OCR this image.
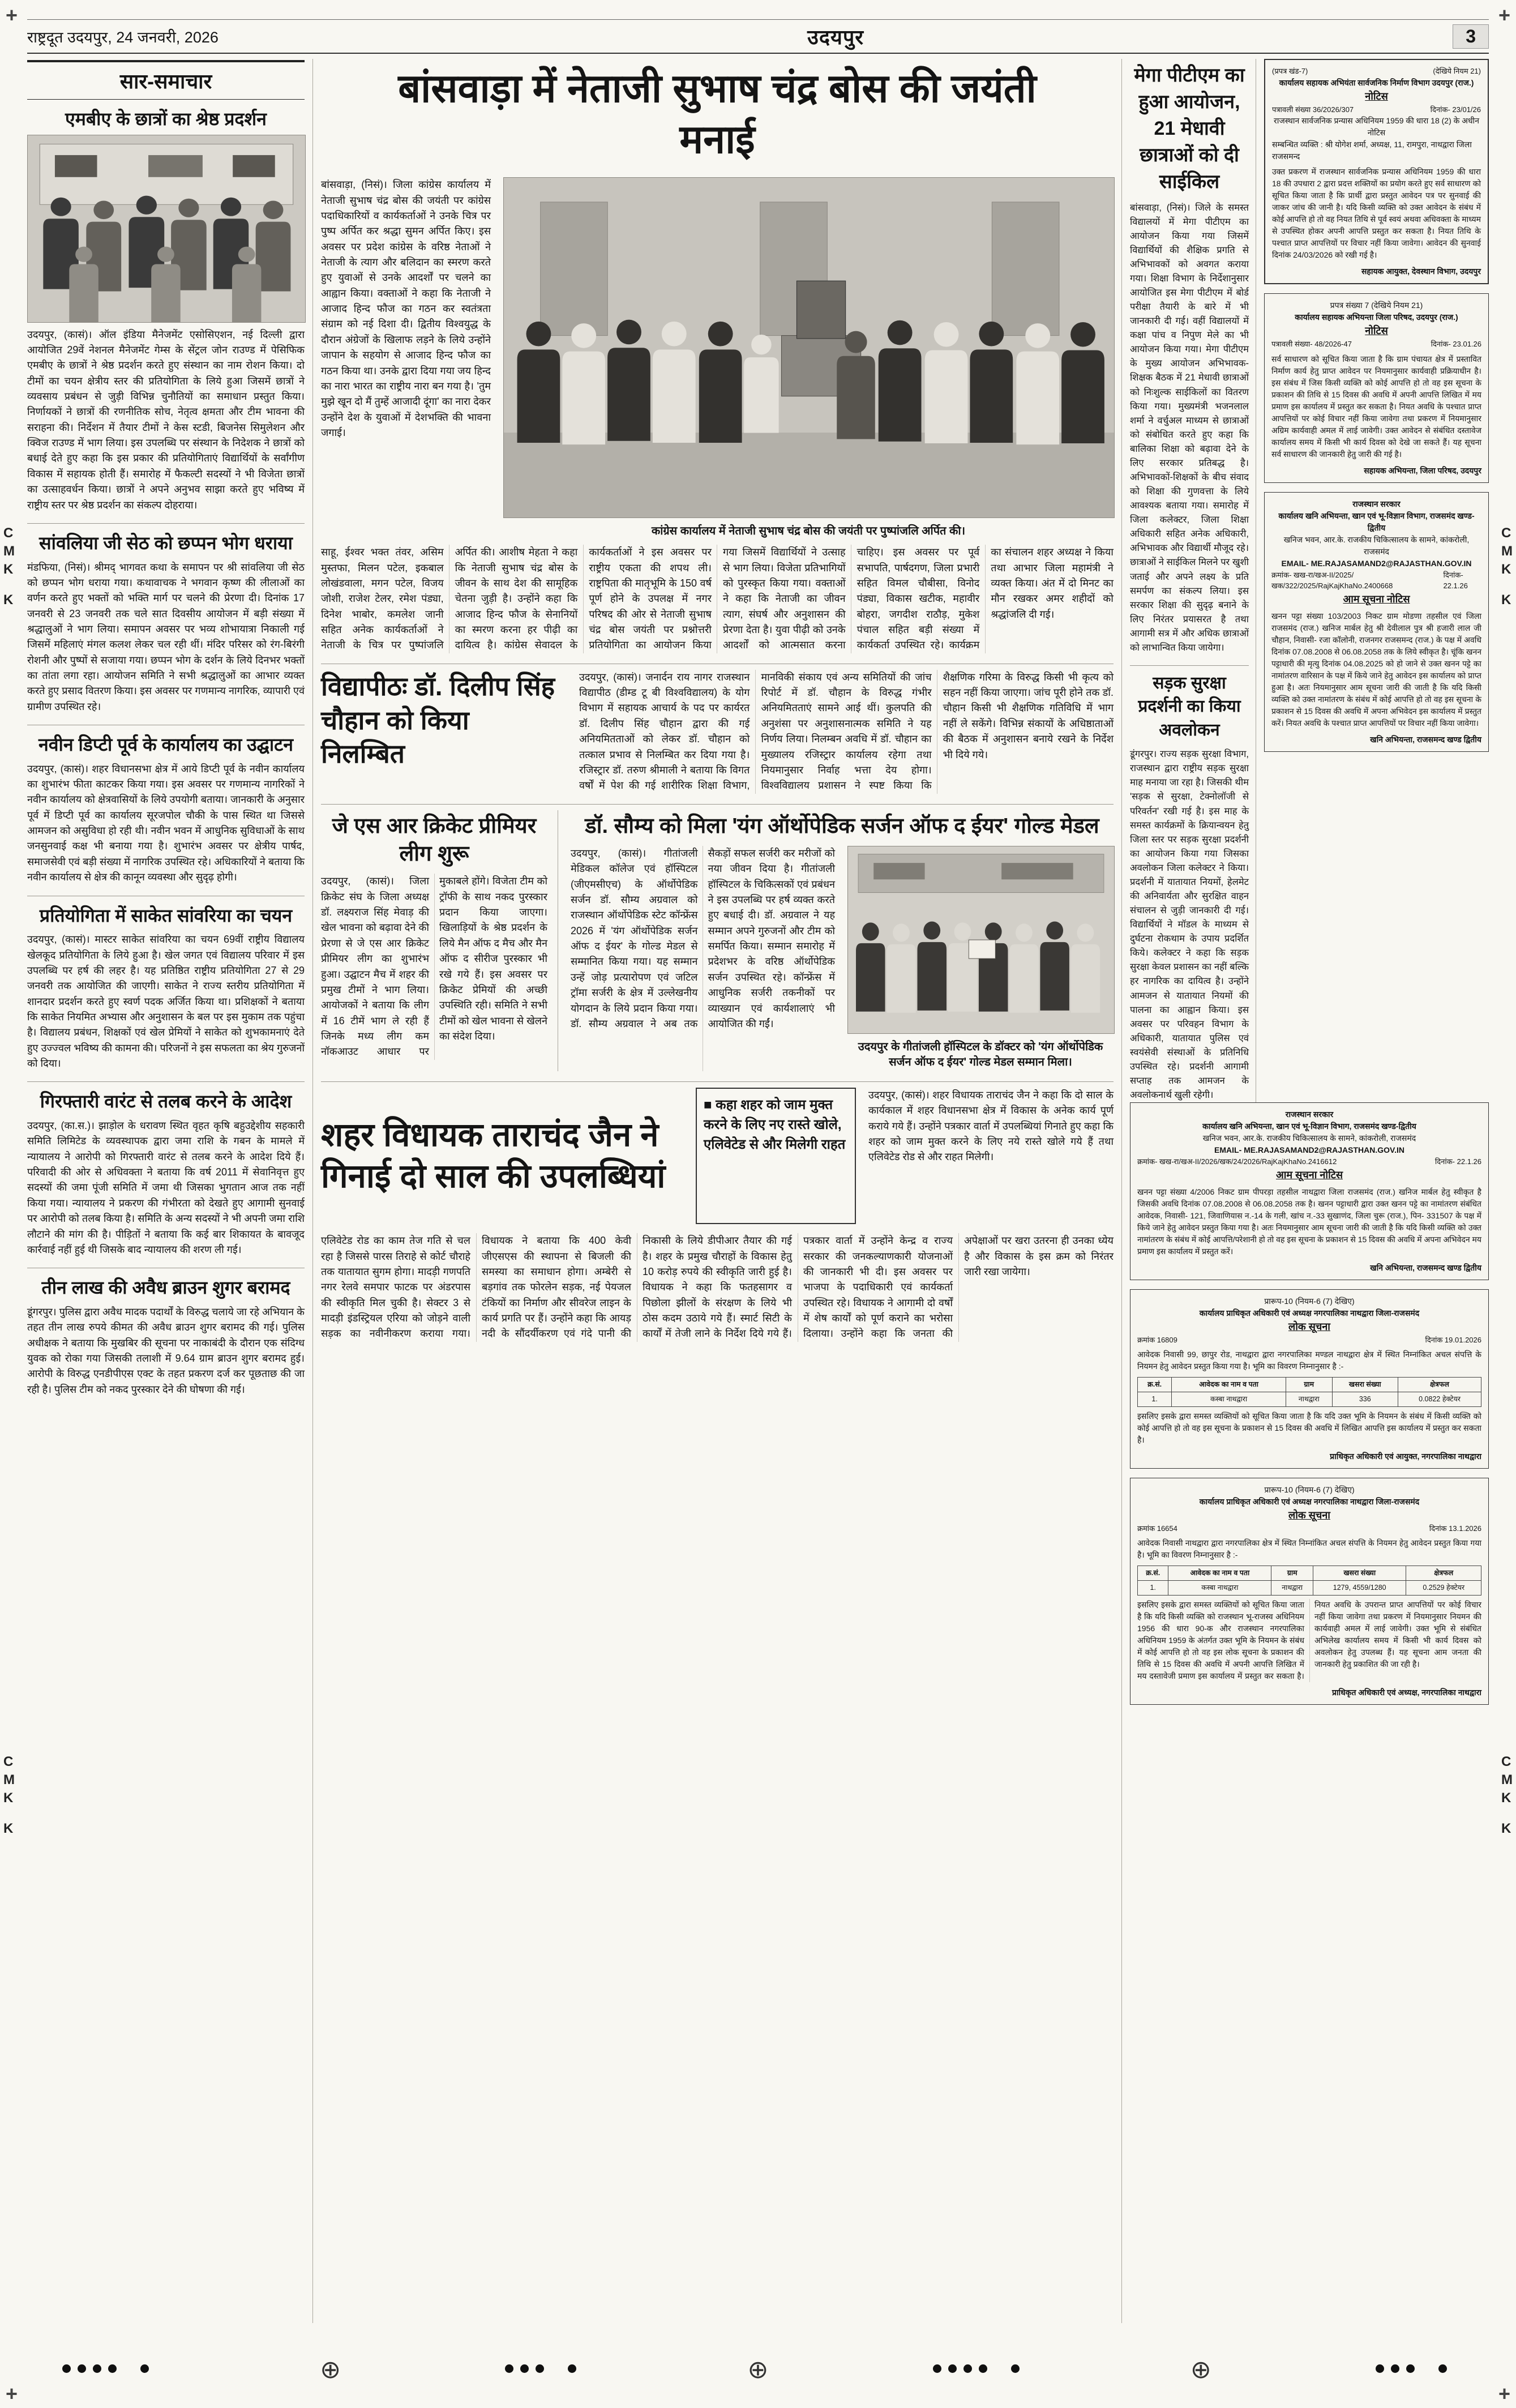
+	+
+	+
राष्ट्रदूत उदयपुर, 24 जनवरी, 2026	उदयपुर	3
सार-समाचार
एमबीए के छात्रों का श्रेष्ठ प्रदर्शन

उदयपुर, (कासं)। ऑल इंडिया मैनेजमेंट एसोसिएशन, नई दिल्ली द्वारा आयोजित 29वें नेशनल मैनेजमेंट गेम्स के सेंट्रल जोन राउण्ड में पेसिफिक एमबीए के छात्रों ने श्रेष्ठ प्रदर्शन करते हुए संस्थान का नाम रोशन किया। दो टीमों का चयन क्षेत्रीय स्तर की प्रतियोगिता के लिये हुआ जिसमें छात्रों ने व्यवसाय प्रबंधन से जुड़ी विभिन्न चुनौतियों का समाधान प्रस्तुत किया। निर्णायकों ने छात्रों की रणनीतिक सोच, नेतृत्व क्षमता और टीम भावना की सराहना की। निर्देशन में तैयार टीमों ने केस स्टडी, बिजनेस सिमुलेशन और क्विज राउण्ड में भाग लिया। इस उपलब्धि पर संस्थान के निदेशक ने छात्रों को बधाई देते हुए कहा कि इस प्रकार की प्रतियोगिताएं विद्यार्थियों के सर्वांगीण विकास में सहायक होती हैं। समारोह में फैकल्टी सदस्यों ने भी विजेता छात्रों का उत्साहवर्धन किया। छात्रों ने अपने अनुभव साझा करते हुए भविष्य में राष्ट्रीय स्तर पर श्रेष्ठ प्रदर्शन का संकल्प दोहराया।

सांवलिया जी सेठ को छप्पन भोग धराया

मंडफिया, (निसं)। श्रीमद् भागवत कथा के समापन पर श्री सांवलिया जी सेठ को छप्पन भोग धराया गया। कथावाचक ने भगवान कृष्ण की लीलाओं का वर्णन करते हुए भक्तों को भक्ति मार्ग पर चलने की प्रेरणा दी। दिनांक 17 जनवरी से 23 जनवरी तक चले सात दिवसीय आयोजन में बड़ी संख्या में श्रद्धालुओं ने भाग लिया। समापन अवसर पर भव्य शोभायात्रा निकाली गई जिसमें महिलाएं मंगल कलश लेकर चल रही थीं। मंदिर परिसर को रंग-बिरंगी रोशनी और पुष्पों से सजाया गया। छप्पन भोग के दर्शन के लिये दिनभर भक्तों का तांता लगा रहा। आयोजन समिति ने सभी श्रद्धालुओं का आभार व्यक्त करते हुए प्रसाद वितरण किया। इस अवसर पर गणमान्य नागरिक, व्यापारी एवं ग्रामीण उपस्थित रहे।

नवीन डिप्टी पूर्व के कार्यालय का उद्घाटन

उदयपुर, (कासं)। शहर विधानसभा क्षेत्र में आये डिप्टी पूर्व के नवीन कार्यालय का शुभारंभ फीता काटकर किया गया। इस अवसर पर गणमान्य नागरिकों ने नवीन कार्यालय को क्षेत्रवासियों के लिये उपयोगी बताया। जानकारी के अनुसार पूर्व में डिप्टी पूर्व का कार्यालय सूरजपोल चौकी के पास स्थित था जिससे आमजन को असुविधा हो रही थी। नवीन भवन में आधुनिक सुविधाओं के साथ जनसुनवाई कक्ष भी बनाया गया है। शुभारंभ अवसर पर क्षेत्रीय पार्षद, समाजसेवी एवं बड़ी संख्या में नागरिक उपस्थित रहे। अधिकारियों ने बताया कि नवीन कार्यालय से क्षेत्र की कानून व्यवस्था और सुदृढ़ होगी।

प्रतियोगिता में साकेत सांवरिया का चयन

उदयपुर, (कासं)। मास्टर साकेत सांवरिया का चयन 69वीं राष्ट्रीय विद्यालय खेलकूद प्रतियोगिता के लिये हुआ है। खेल जगत एवं विद्यालय परिवार में इस उपलब्धि पर हर्ष की लहर है। यह प्रतिष्ठित राष्ट्रीय प्रतियोगिता 27 से 29 जनवरी तक आयोजित की जाएगी। साकेत ने राज्य स्तरीय प्रतियोगिता में शानदार प्रदर्शन करते हुए स्वर्ण पदक अर्जित किया था। प्रशिक्षकों ने बताया कि साकेत नियमित अभ्यास और अनुशासन के बल पर इस मुकाम तक पहुंचा है। विद्यालय प्रबंधन, शिक्षकों एवं खेल प्रेमियों ने साकेत को शुभकामनाएं देते हुए उज्ज्वल भविष्य की कामना की। परिजनों ने इस सफलता का श्रेय गुरुजनों को दिया।

गिरफ्तारी वारंट से तलब करने के आदेश

उदयपुर, (का.स.)। झाड़ोल के धरावण स्थित वृहत कृषि बहुउद्देशीय सहकारी समिति लिमिटेड के व्यवस्थापक द्वारा जमा राशि के गबन के मामले में न्यायालय ने आरोपी को गिरफ्तारी वारंट से तलब करने के आदेश दिये हैं। परिवादी की ओर से अधिवक्ता ने बताया कि वर्ष 2011 में सेवानिवृत्त हुए सदस्यों की जमा पूंजी समिति में जमा थी जिसका भुगतान आज तक नहीं किया गया। न्यायालय ने प्रकरण की गंभीरता को देखते हुए आगामी सुनवाई पर आरोपी को तलब किया है। समिति के अन्य सदस्यों ने भी अपनी जमा राशि लौटाने की मांग की है। पीड़ितों ने बताया कि कई बार शिकायत के बावजूद कार्रवाई नहीं हुई थी जिसके बाद न्यायालय की शरण ली गई।

तीन लाख की अवैध ब्राउन शुगर बरामद

डूंगरपुर। पुलिस द्वारा अवैध मादक पदार्थों के विरुद्ध चलाये जा रहे अभियान के तहत तीन लाख रुपये कीमत की अवैध ब्राउन शुगर बरामद की गई। पुलिस अधीक्षक ने बताया कि मुखबिर की सूचना पर नाकाबंदी के दौरान एक संदिग्ध युवक को रोका गया जिसकी तलाशी में 9.64 ग्राम ब्राउन शुगर बरामद हुई। आरोपी के विरुद्ध एनडीपीएस एक्ट के तहत प्रकरण दर्ज कर पूछताछ की जा रही है। पुलिस टीम को नकद पुरस्कार देने की घोषणा की गई।

बांसवाड़ा में नेताजी सुभाष चंद्र बोस की जयंती मनाई

बांसवाड़ा, (निसं)। जिला कांग्रेस कार्यालय में नेताजी सुभाष चंद्र बोस की जयंती पर कांग्रेस पदाधिकारियों व कार्यकर्ताओं ने उनके चित्र पर पुष्प अर्पित कर श्रद्धा सुमन अर्पित किए। इस अवसर पर प्रदेश कांग्रेस के वरिष्ठ नेताओं ने नेताजी के त्याग और बलिदान का स्मरण करते हुए युवाओं से उनके आदर्शों पर चलने का आह्वान किया। वक्ताओं ने कहा कि नेताजी ने आजाद हिन्द फौज का गठन कर स्वतंत्रता संग्राम को नई दिशा दी। द्वितीय विश्वयुद्ध के दौरान अंग्रेजों के खिलाफ लड़ने के लिये उन्होंने जापान के सहयोग से आजाद हिन्द फौज का गठन किया था। उनके द्वारा दिया गया जय हिन्द का नारा भारत का राष्ट्रीय नारा बन गया है। 'तुम मुझे खून दो मैं तुम्हें आजादी दूंगा' का नारा देकर उन्होंने देश के युवाओं में देशभक्ति की भावना जगाई।

कांग्रेस कार्यालय में नेताजी सुभाष चंद्र बोस की जयंती पर पुष्पांजलि अर्पित की।

साहू, ईश्वर भक्त तंवर, असिम मुस्तफा, मिलन पटेल, इकबाल लोखंडवाला, मगन पटेल, विजय जोशी, राजेश टेलर, रमेश पंड्या, दिनेश भाबोर, कमलेश जानी सहित अनेक कार्यकर्ताओं ने नेताजी के चित्र पर पुष्पांजलि अर्पित की। आशीष मेहता ने कहा कि नेताजी सुभाष चंद्र बोस के जीवन के साथ देश की सामूहिक चेतना जुड़ी है। उन्होंने कहा कि आजाद हिन्द फौज के सेनानियों का स्मरण करना हर पीढ़ी का दायित्व है। कांग्रेस सेवादल के कार्यकर्ताओं ने इस अवसर पर राष्ट्रीय एकता की शपथ ली। राष्ट्रपिता की मातृभूमि के 150 वर्ष पूर्ण होने के उपलक्ष में नगर परिषद की ओर से नेताजी सुभाष चंद्र बोस जयंती पर प्रश्नोत्तरी प्रतियोगिता का आयोजन किया गया जिसमें विद्यार्थियों ने उत्साह से भाग लिया। विजेता प्रतिभागियों को पुरस्कृत किया गया। वक्ताओं ने कहा कि नेताजी का जीवन त्याग, संघर्ष और अनुशासन की प्रेरणा देता है। युवा पीढ़ी को उनके आदर्शों को आत्मसात करना चाहिए। इस अवसर पर पूर्व सभापति, पार्षदगण, जिला प्रभारी सहित विमल चौबीसा, विनोद पंड्या, विकास खटीक, महावीर बोहरा, जगदीश राठौड़, मुकेश पंचाल सहित बड़ी संख्या में कार्यकर्ता उपस्थित रहे। कार्यक्रम का संचालन शहर अध्यक्ष ने किया तथा आभार जिला महामंत्री ने व्यक्त किया। अंत में दो मिनट का मौन रखकर अमर शहीदों को श्रद्धांजलि दी गई।

विद्यापीठः डॉ. दिलीप सिंह चौहान को किया निलम्बित

उदयपुर, (कासं)। जनार्दन राय नागर राजस्थान विद्यापीठ (डीम्ड टू बी विश्वविद्यालय) के योग विभाग में सहायक आचार्य के पद पर कार्यरत डॉ. दिलीप सिंह चौहान द्वारा की गई अनियमितताओं को लेकर डॉ. चौहान को तत्काल प्रभाव से निलम्बित कर दिया गया है। रजिस्ट्रार डॉ. तरुण श्रीमाली ने बताया कि विगत वर्षों में पेश की गई शारीरिक शिक्षा विभाग, मानविकी संकाय एवं अन्य समितियों की जांच रिपोर्ट में डॉ. चौहान के विरुद्ध गंभीर अनियमितताएं सामने आई थीं। कुलपति की अनुशंसा पर अनुशासनात्मक समिति ने यह निर्णय लिया। निलम्बन अवधि में डॉ. चौहान का मुख्यालय रजिस्ट्रार कार्यालय रहेगा तथा नियमानुसार निर्वाह भत्ता देय होगा। विश्वविद्यालय प्रशासन ने स्पष्ट किया कि शैक्षणिक गरिमा के विरुद्ध किसी भी कृत्य को सहन नहीं किया जाएगा। जांच पूरी होने तक डॉ. चौहान किसी भी शैक्षणिक गतिविधि में भाग नहीं ले सकेंगे। विभिन्न संकायों के अधिष्ठाताओं की बैठक में अनुशासन बनाये रखने के निर्देश भी दिये गये।

जे एस आर क्रिकेट प्रीमियर लीग शुरू

उदयपुर, (कासं)। जिला क्रिकेट संघ के जिला अध्यक्ष डॉ. लक्ष्यराज सिंह मेवाड़ की खेल भावना को बढ़ावा देने की प्रेरणा से जे एस आर क्रिकेट प्रीमियर लीग का शुभारंभ हुआ। उद्घाटन मैच में शहर की प्रमुख टीमों ने भाग लिया। आयोजकों ने बताया कि लीग में 16 टीमें भाग ले रही हैं जिनके मध्य लीग कम नॉकआउट आधार पर मुकाबले होंगे। विजेता टीम को ट्रॉफी के साथ नकद पुरस्कार प्रदान किया जाएगा। खिलाड़ियों के श्रेष्ठ प्रदर्शन के लिये मैन ऑफ द मैच और मैन ऑफ द सीरीज पुरस्कार भी रखे गये हैं। इस अवसर पर क्रिकेट प्रेमियों की अच्छी उपस्थिति रही। समिति ने सभी टीमों को खेल भावना से खेलने का संदेश दिया।

डॉ. सौम्य को मिला 'यंग ऑर्थोपेडिक सर्जन ऑफ द ईयर' गोल्ड मेडल

उदयपुर, (कासं)। गीतांजली मेडिकल कॉलेज एवं हॉस्पिटल (जीएमसीएच) के ऑर्थोपेडिक सर्जन डॉ. सौम्य अग्रवाल को राजस्थान ऑर्थोपेडिक स्टेट कॉन्फ्रेंस 2026 में 'यंग ऑर्थोपेडिक सर्जन ऑफ द ईयर' के गोल्ड मेडल से सम्मानित किया गया। यह सम्मान उन्हें जोड़ प्रत्यारोपण एवं जटिल ट्रॉमा सर्जरी के क्षेत्र में उल्लेखनीय योगदान के लिये प्रदान किया गया। डॉ. सौम्य अग्रवाल ने अब तक सैकड़ों सफल सर्जरी कर मरीजों को नया जीवन दिया है। गीतांजली हॉस्पिटल के चिकित्सकों एवं प्रबंधन ने इस उपलब्धि पर हर्ष व्यक्त करते हुए बधाई दी। डॉ. अग्रवाल ने यह सम्मान अपने गुरुजनों और टीम को समर्पित किया। सम्मान समारोह में प्रदेशभर के वरिष्ठ ऑर्थोपेडिक सर्जन उपस्थित रहे। कॉन्फ्रेंस में आधुनिक सर्जरी तकनीकों पर व्याख्यान एवं कार्यशालाएं भी आयोजित की गईं।

उदयपुर के गीतांजली हॉस्पिटल के डॉक्टर को 'यंग ऑर्थोपेडिक सर्जन ऑफ द ईयर' गोल्ड मेडल सम्मान मिला।
शहर विधायक ताराचंद जैन ने गिनाई दो साल की उपलब्धियां
■ कहा शहर को जाम मुक्त करने के लिए नए रास्ते खोले, एलिवेटेड से और मिलेगी राहत

उदयपुर, (कासं)। शहर विधायक ताराचंद जैन ने कहा कि दो साल के कार्यकाल में शहर विधानसभा क्षेत्र में विकास के अनेक कार्य पूर्ण कराये गये हैं। उन्होंने पत्रकार वार्ता में उपलब्धियां गिनाते हुए कहा कि शहर को जाम मुक्त करने के लिए नये रास्ते खोले गये हैं तथा एलिवेटेड रोड से और राहत मिलेगी।

एलिवेटेड रोड का काम तेज गति से चल रहा है जिससे पारस तिराहे से कोर्ट चौराहे तक यातायात सुगम होगा। मादड़ी गणपति नगर रेलवे समपार फाटक पर अंडरपास की स्वीकृति मिल चुकी है। सेक्टर 3 से मादड़ी इंडस्ट्रियल एरिया को जोड़ने वाली सड़क का नवीनीकरण कराया गया। विधायक ने बताया कि 400 केवी जीएसएस की स्थापना से बिजली की समस्या का समाधान होगा। अम्बेरी से बड़गांव तक फोरलेन सड़क, नई पेयजल टंकियों का निर्माण और सीवरेज लाइन के कार्य प्रगति पर हैं। उन्होंने कहा कि आयड़ नदी के सौंदर्यीकरण एवं गंदे पानी की निकासी के लिये डीपीआर तैयार की गई है। शहर के प्रमुख चौराहों के विकास हेतु 10 करोड़ रुपये की स्वीकृति जारी हुई है। विधायक ने कहा कि फतहसागर व पिछोला झीलों के संरक्षण के लिये भी ठोस कदम उठाये गये हैं। स्मार्ट सिटी के कार्यों में तेजी लाने के निर्देश दिये गये हैं। पत्रकार वार्ता में उन्होंने केन्द्र व राज्य सरकार की जनकल्याणकारी योजनाओं की जानकारी भी दी। इस अवसर पर भाजपा के पदाधिकारी एवं कार्यकर्ता उपस्थित रहे। विधायक ने आगामी दो वर्षों में शेष कार्यों को पूर्ण कराने का भरोसा दिलाया। उन्होंने कहा कि जनता की अपेक्षाओं पर खरा उतरना ही उनका ध्येय है और विकास के इस क्रम को निरंतर जारी रखा जायेगा।

मेगा पीटीएम का हुआ आयोजन, 21 मेधावी छात्राओं को दी साईकिल

बांसवाड़ा, (निसं)। जिले के समस्त विद्यालयों में मेगा पीटीएम का आयोजन किया गया जिसमें विद्यार्थियों की शैक्षिक प्रगति से अभिभावकों को अवगत कराया गया। शिक्षा विभाग के निर्देशानुसार आयोजित इस मेगा पीटीएम में बोर्ड परीक्षा तैयारी के बारे में भी जानकारी दी गई। वहीं विद्यालयों में कक्षा पांच व निपुण मेले का भी आयोजन किया गया। मेगा पीटीएम के मुख्य आयोजन अभिभावक-शिक्षक बैठक में 21 मेधावी छात्राओं को निःशुल्क साईकिलों का वितरण किया गया। मुख्यमंत्री भजनलाल शर्मा ने वर्चुअल माध्यम से छात्राओं को संबोधित करते हुए कहा कि बालिका शिक्षा को बढ़ावा देने के लिए सरकार प्रतिबद्ध है। अभिभावकों-शिक्षकों के बीच संवाद को शिक्षा की गुणवत्ता के लिये आवश्यक बताया गया। समारोह में जिला कलेक्टर, जिला शिक्षा अधिकारी सहित अनेक अधिकारी, अभिभावक और विद्यार्थी मौजूद रहे। छात्राओं ने साईकिल मिलने पर खुशी जताई और अपने लक्ष्य के प्रति समर्पण का संकल्प लिया। इस सरकार शिक्षा की सुदृढ़ बनाने के लिए निरंतर प्रयासरत है तथा आगामी सत्र में और अधिक छात्राओं को लाभान्वित किया जायेगा।

सड़क सुरक्षा प्रदर्शनी का किया अवलोकन

डूंगरपुर। राज्य सड़क सुरक्षा विभाग, राजस्थान द्वारा राष्ट्रीय सड़क सुरक्षा माह मनाया जा रहा है। जिसकी थीम 'सड़क से सुरक्षा, टेक्नोलॉजी से परिवर्तन' रखी गई है। इस माह के समस्त कार्यक्रमों के क्रियान्वयन हेतु जिला स्तर पर सड़क सुरक्षा प्रदर्शनी का आयोजन किया गया जिसका अवलोकन जिला कलेक्टर ने किया। प्रदर्शनी में यातायात नियमों, हेलमेट की अनिवार्यता और सुरक्षित वाहन संचालन से जुड़ी जानकारी दी गई। विद्यार्थियों ने मॉडल के माध्यम से दुर्घटना रोकथाम के उपाय प्रदर्शित किये। कलेक्टर ने कहा कि सड़क सुरक्षा केवल प्रशासन का नहीं बल्कि हर नागरिक का दायित्व है। उन्होंने आमजन से यातायात नियमों की पालना का आह्वान किया। इस अवसर पर परिवहन विभाग के अधिकारी, यातायात पुलिस एवं स्वयंसेवी संस्थाओं के प्रतिनिधि उपस्थित रहे। प्रदर्शनी आगामी सप्ताह तक आमजन के अवलोकनार्थ खुली रहेगी।

(प्रपत्र खंड-7)	(देखिये नियम 21)
कार्यालय सहायक अभियंता सार्वजनिक निर्माण विभाग उदयपुर (राज.)
नोटिस
पत्रावली संख्या 36/2026/307	दिनांक- 23/01/26
राजस्थान सार्वजनिक प्रन्यास अधिनियम 1959 की धारा 18 (2) के अधीन नोटिस
सम्बन्धित व्यक्ति : श्री योगेश शर्मा, अध्यक्ष, 11, रामपुरा, नाथद्वारा जिला राजसमन्द

उक्त प्रकरण में राजस्थान सार्वजनिक प्रन्यास अधिनियम 1959 की धारा 18 की उपधारा 2 द्वारा प्रदत्त शक्तियों का प्रयोग करते हुए सर्व साधारण को सूचित किया जाता है कि प्रार्थी द्वारा प्रस्तुत आवेदन पत्र पर सुनवाई की जाकर जांच की जानी है। यदि किसी व्यक्ति को उक्त आवेदन के संबंध में कोई आपत्ति हो तो वह नियत तिथि से पूर्व स्वयं अथवा अधिवक्ता के माध्यम से उपस्थित होकर अपनी आपत्ति प्रस्तुत कर सकता है। नियत तिथि के पश्चात प्राप्त आपत्तियों पर विचार नहीं किया जावेगा। आवेदन की सुनवाई दिनांक 24/03/2026 को रखी गई है।

सहायक आयुक्त, देवस्थान विभाग, उदयपुर
प्रपत्र संख्या 7 (देखिये नियम 21)
कार्यालय सहायक अभियन्ता जिला परिषद, उदयपुर (राज.)
नोटिस
पत्रावली संख्या- 48/2026-47	दिनांक- 23.01.26

सर्व साधारण को सूचित किया जाता है कि ग्राम पंचायत क्षेत्र में प्रस्तावित निर्माण कार्य हेतु प्राप्त आवेदन पर नियमानुसार कार्यवाही प्रक्रियाधीन है। इस संबंध में जिस किसी व्यक्ति को कोई आपत्ति हो तो वह इस सूचना के प्रकाशन की तिथि से 15 दिवस की अवधि में अपनी आपत्ति लिखित में मय प्रमाण इस कार्यालय में प्रस्तुत कर सकता है। नियत अवधि के पश्चात प्राप्त आपत्तियों पर कोई विचार नहीं किया जावेगा तथा प्रकरण में नियमानुसार अग्रिम कार्यवाही अमल में लाई जावेगी। उक्त आवेदन से संबंधित दस्तावेज कार्यालय समय में किसी भी कार्य दिवस को देखे जा सकते हैं। यह सूचना सर्व साधारण की जानकारी हेतु जारी की गई है।

सहायक अभियन्ता, जिला परिषद, उदयपुर
राजस्थान सरकार
कार्यालय खनि अभियन्ता, खान एवं भू-विज्ञान विभाग, राजसमंद खण्ड-द्वितीय
खनिज भवन, आर.के. राजकीय चिकित्सालय के सामने, कांकरोली, राजसमंद
EMAIL- ME.RAJASAMAND2@RAJASTHAN.GOV.IN
क्रमांक- खख-रा/खअ-II/2025/खक/322/2025/RajKajKhaNo.2400668
दिनांक- 22.1.26
आम सूचना नोटिस

खनन पट्टा संख्या 103/2003 निकट ग्राम मोडणा तहसील एवं जिला राजसमंद (राज.) खनिज मार्बल हेतु श्री देवीलाल पुत्र श्री हजारी लाल जी चौहान, निवासी- रजा कॉलोनी, राजनगर राजसमन्द (राज.) के पक्ष में अवधि दिनांक 07.08.2008 से 06.08.2058 तक के लिये स्वीकृत है। चूंकि खनन पट्टाधारी की मृत्यु दिनांक 04.08.2025 को हो जाने से उक्त खनन पट्टे का नामांतरण वारिसान के पक्ष में किये जाने हेतु आवेदन इस कार्यालय को प्राप्त हुआ है। अतः नियमानुसार आम सूचना जारी की जाती है कि यदि किसी व्यक्ति को उक्त नामांतरण के संबंध में कोई आपत्ति हो तो वह इस सूचना के प्रकाशन से 15 दिवस की अवधि में अपना अभिवेदन इस कार्यालय में प्रस्तुत करें। नियत अवधि के पश्चात प्राप्त आपत्तियों पर विचार नहीं किया जावेगा।

खनि अभियन्ता, राजसमन्द खण्ड द्वितीय
राजस्थान सरकार
कार्यालय खनि अभियन्ता, खान एवं भू-विज्ञान विभाग, राजसमंद खण्ड-द्वितीय
खनिज भवन, आर.के. राजकीय चिकित्सालय के सामने, कांकरोली, राजसमंद
EMAIL- ME.RAJASAMAND2@RAJASTHAN.GOV.IN
क्रमांक- खख-रा/खअ-II/2026/खक/24/2026/RajKajKhaNo.2416612	दिनांक- 22.1.26
आम सूचना नोटिस

खनन पट्टा संख्या 4/2006 निकट ग्राम पीपरड़ा तहसील नाथद्वारा जिला राजसमंद (राज.) खनिज मार्बल हेतु स्वीकृत है जिसकी अवधि दिनांक 07.08.2008 से 06.08.2058 तक है। खनन पट्टाधारी द्वारा उक्त खनन पट्टे का नामांतरण संबंधित आवेदक, निवासी- 121, जिवाणियास न.-14 के गली, खांच न.-33 सुखाणंद, जिला चुरू (राज.), पिन- 331507 के पक्ष में किये जाने हेतु आवेदन प्रस्तुत किया गया है। अतः नियमानुसार आम सूचना जारी की जाती है कि यदि किसी व्यक्ति को उक्त नामांतरण के संबंध में कोई आपत्ति/परेशानी हो तो वह इस सूचना के प्रकाशन से 15 दिवस की अवधि में अपना अभिवेदन मय प्रमाण इस कार्यालय में प्रस्तुत करें।

खनि अभियन्ता, राजसमन्द खण्ड द्वितीय
प्रारूप-10 (नियम-6 (7) देखिए)
कार्यालय प्राधिकृत अधिकारी एवं अध्यक्ष नगरपालिका नाथद्वारा जिला-राजसमंद
लोक सूचना
क्रमांक 16809	दिनांक 19.01.2026

आवेदक निवासी 99, छापुर रोड, नाथद्वारा द्वारा नगरपालिका मण्डल नाथद्वारा क्षेत्र में स्थित निम्नांकित अचल संपत्ति के नियमन हेतु आवेदन प्रस्तुत किया गया है। भूमि का विवरण निम्नानुसार है :-

क्र.सं.	आवेदक का नाम व पता	ग्राम	खसरा संख्या	क्षेत्रफल
1.	कस्बा नाथद्वारा	नाथद्वारा	336	0.0822 हेक्टेयर

इसलिए इसके द्वारा समस्त व्यक्तियों को सूचित किया जाता है कि यदि उक्त भूमि के नियमन के संबंध में किसी व्यक्ति को कोई आपत्ति हो तो वह इस सूचना के प्रकाशन से 15 दिवस की अवधि में लिखित आपत्ति इस कार्यालय में प्रस्तुत कर सकता है।

प्राधिकृत अधिकारी एवं आयुक्त, नगरपालिका नाथद्वारा
प्रारूप-10 (नियम-6 (7) देखिए)
कार्यालय प्राधिकृत अधिकारी एवं अध्यक्ष नगरपालिका नाथद्वारा जिला-राजसमंद
लोक सूचना
क्रमांक 16654	दिनांक 13.1.2026

आवेदक निवासी नाथद्वारा द्वारा नगरपालिका क्षेत्र में स्थित निम्नांकित अचल संपत्ति के नियमन हेतु आवेदन प्रस्तुत किया गया है। भूमि का विवरण निम्नानुसार है :-

क्र.सं.	आवेदक का नाम व पता	ग्राम	खसरा संख्या	क्षेत्रफल
1.	कस्बा नाथद्वारा	नाथद्वारा	1279, 4559/1280	0.2529 हेक्टेयर

इसलिए इसके द्वारा समस्त व्यक्तियों को सूचित किया जाता है कि यदि किसी व्यक्ति को राजस्थान भू-राजस्व अधिनियम 1956 की धारा 90-क और राजस्थान नगरपालिका अधिनियम 1959 के अंतर्गत उक्त भूमि के नियमन के संबंध में कोई आपत्ति हो तो वह इस लोक सूचना के प्रकाशन की तिथि से 15 दिवस की अवधि में अपनी आपत्ति लिखित में मय दस्तावेजी प्रमाण इस कार्यालय में प्रस्तुत कर सकता है। नियत अवधि के उपरान्त प्राप्त आपत्तियों पर कोई विचार नहीं किया जावेगा तथा प्रकरण में नियमानुसार नियमन की कार्यवाही अमल में लाई जावेगी। उक्त भूमि से संबंधित अभिलेख कार्यालय समय में किसी भी कार्य दिवस को अवलोकन हेतु उपलब्ध हैं। यह सूचना आम जनता की जानकारी हेतु प्रकाशित की जा रही है।

प्राधिकृत अधिकारी एवं अध्यक्ष, नगरपालिका नाथद्वारा
C
M
K
K
C
M
K
K
C
M
K
K
C
M
K
K
⊕	⊕	⊕
